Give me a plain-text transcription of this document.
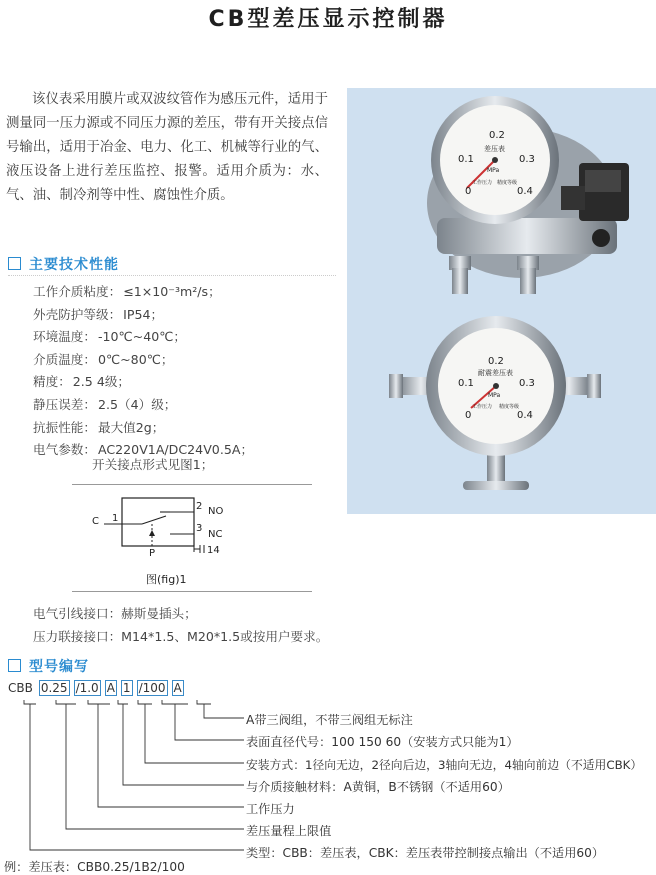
CB型差压显示控制器

该仪表采用膜片或双波纹管作为感压元件，适用于测量同一压力源或不同压力源的差压，带有开关接点信号输出，适用于冶金、电力、化工、机械等行业的气、液压设备上进行差压监控、报警。适用介质为：水、气、油、制冷剂等中性、腐蚀性介质。

0.2
0.1	0.3
0	0.4
差压表
MPa
工作压力 精度等级
0.2
0.1	0.3
0	0.4
耐震差压表
MPa
工作压力 精度等级
主要技术性能
工作介质粘度： ≤1×10⁻³m²/s；
外壳防护等级： IP54；
环境温度： -10℃~40℃；
介质温度： 0℃~80℃；
精度： 2.5 4级；
静压误差： 2.5（4）级；
抗振性能： 最大值2g；
电气参数： AC220V1A/DC24V0.5A；
开关接点形式见图1；
C 1
2 NO
3
NC
P	14
图(fig)1
电气引线接口：赫斯曼插头；
压力联接接口：M14*1.5、M20*1.5或按用户要求。
型号编写
CBB 0.25 /1.0 A 1 /100 A
A带三阀组，不带三阀组无标注
表面直径代号：100 150 60（安装方式只能为1）
安装方式：1径向无边，2径向后边，3轴向无边，4轴向前边（不适用CBK）
与介质接触材料：A黄铜，B不锈钢（不适用60）
工作压力
差压量程上限值
类型：CBB：差压表，CBK：差压表带控制接点输出（不适用60）
例：差压表：CBB0.25/1B2/100
